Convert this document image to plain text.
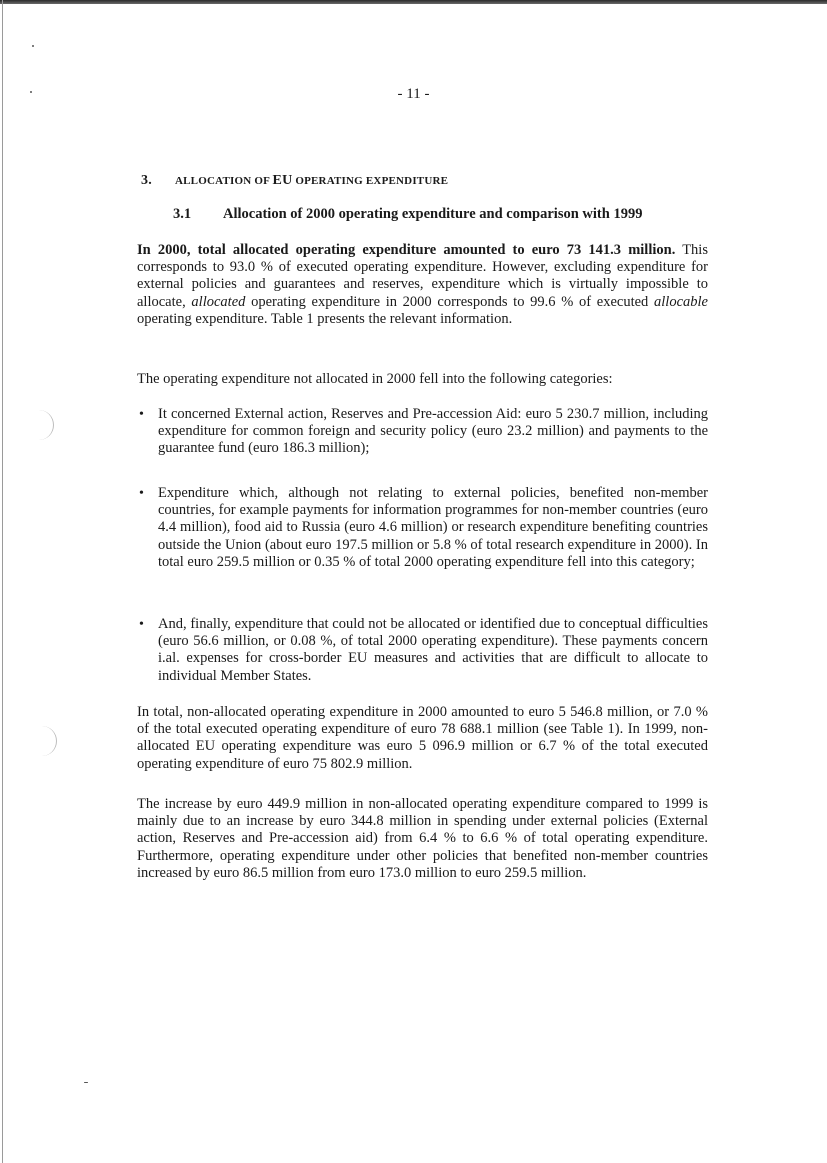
- 11 -
3. ALLOCATION OF EU OPERATING EXPENDITURE
3.1 Allocation of 2000 operating expenditure and comparison with 1999

In 2000, total allocated operating expenditure amounted to euro 73 141.3 million. This corresponds to 93.0 % of executed operating expenditure. However, excluding expenditure for external policies and guarantees and reserves, expenditure which is virtually impossible to allocate, allocated operating expenditure in 2000 corresponds to 99.6 % of executed allocable operating expenditure. Table 1 presents the relevant information.

The operating expenditure not allocated in 2000 fell into the following categories:

• It concerned External action, Reserves and Pre-accession Aid: euro 5 230.7 million, including expenditure for common foreign and security policy (euro 23.2 million) and payments to the guarantee fund (euro 186.3 million);
• Expenditure which, although not relating to external policies, benefited non-member countries, for example payments for information programmes for non-member countries (euro 4.4 million), food aid to Russia (euro 4.6 million) or research expenditure benefiting countries outside the Union (about euro 197.5 million or 5.8 % of total research expenditure in 2000). In total euro 259.5 million or 0.35 % of total 2000 operating expenditure fell into this category;
• And, finally, expenditure that could not be allocated or identified due to conceptual difficulties (euro 56.6 million, or 0.08 %, of total 2000 operating expenditure). These payments concern i.al. expenses for cross-border EU measures and activities that are difficult to allocate to individual Member States.

In total, non-allocated operating expenditure in 2000 amounted to euro 5 546.8 million, or 7.0 % of the total executed operating expenditure of euro 78 688.1 million (see Table 1). In 1999, non-allocated EU operating expenditure was euro 5 096.9 million or 6.7 % of the total executed operating expenditure of euro 75 802.9 million.

The increase by euro 449.9 million in non-allocated operating expenditure compared to 1999 is mainly due to an increase by euro 344.8 million in spending under external policies (External action, Reserves and Pre-accession aid) from 6.4 % to 6.6 % of total operating expenditure. Furthermore, operating expenditure under other policies that benefited non-member countries increased by euro 86.5 million from euro 173.0 million to euro 259.5 million.
